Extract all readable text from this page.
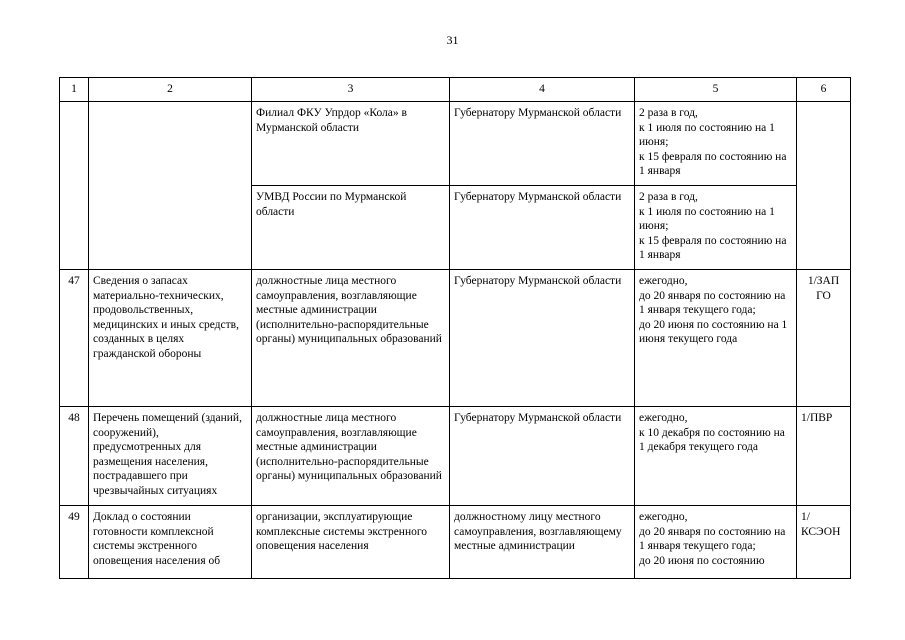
31
1	2	3	4	5	6
		Филиал ФКУ Упрдор «Кола» в Мурманской области	Губернатору Мурманской области	2 раза в год,
к 1 июля по состоянию на 1 июня;
к 15 февраля по состоянию на 1 января	

		УМВД России по Мурманской области	Губернатору Мурманской области	2 раза в год,
к 1 июля по состоянию на 1 июня;
к 15 февраля по состоянию на 1 января	

47	Сведения о запасах материально-технических, продовольственных, медицинских и иных средств, созданных в целях гражданской обороны	должностные лица местного самоуправления, возглавляющие местные администрации (исполнительно-распорядительные органы) муниципальных образований	Губернатору Мурманской области	ежегодно,
до 20 января по состоянию на 1 января текущего года;
до 20 июня по состоянию на 1 июня текущего года	1/ЗАП ГО
48	Перечень помещений (зданий, сооружений), предусмотренных для размещения населения, пострадавшего при чрезвычайных ситуациях	должностные лица местного самоуправления, возглавляющие местные администрации (исполнительно-распорядительные органы) муниципальных образований	Губернатору Мурманской области	ежегодно,
к 10 декабря по состоянию на 1 декабря текущего года	1/ПВР
49	Доклад о состоянии готовности комплексной системы экстренного оповещения населения об	организации, эксплуатирующие комплексные системы экстренного оповещения населения	должностному лицу местного самоуправления, возглавляющему местные администрации	ежегодно,
до 20 января по состоянию на 1 января текущего года;
до 20 июня по состоянию	1/КСЭОН
